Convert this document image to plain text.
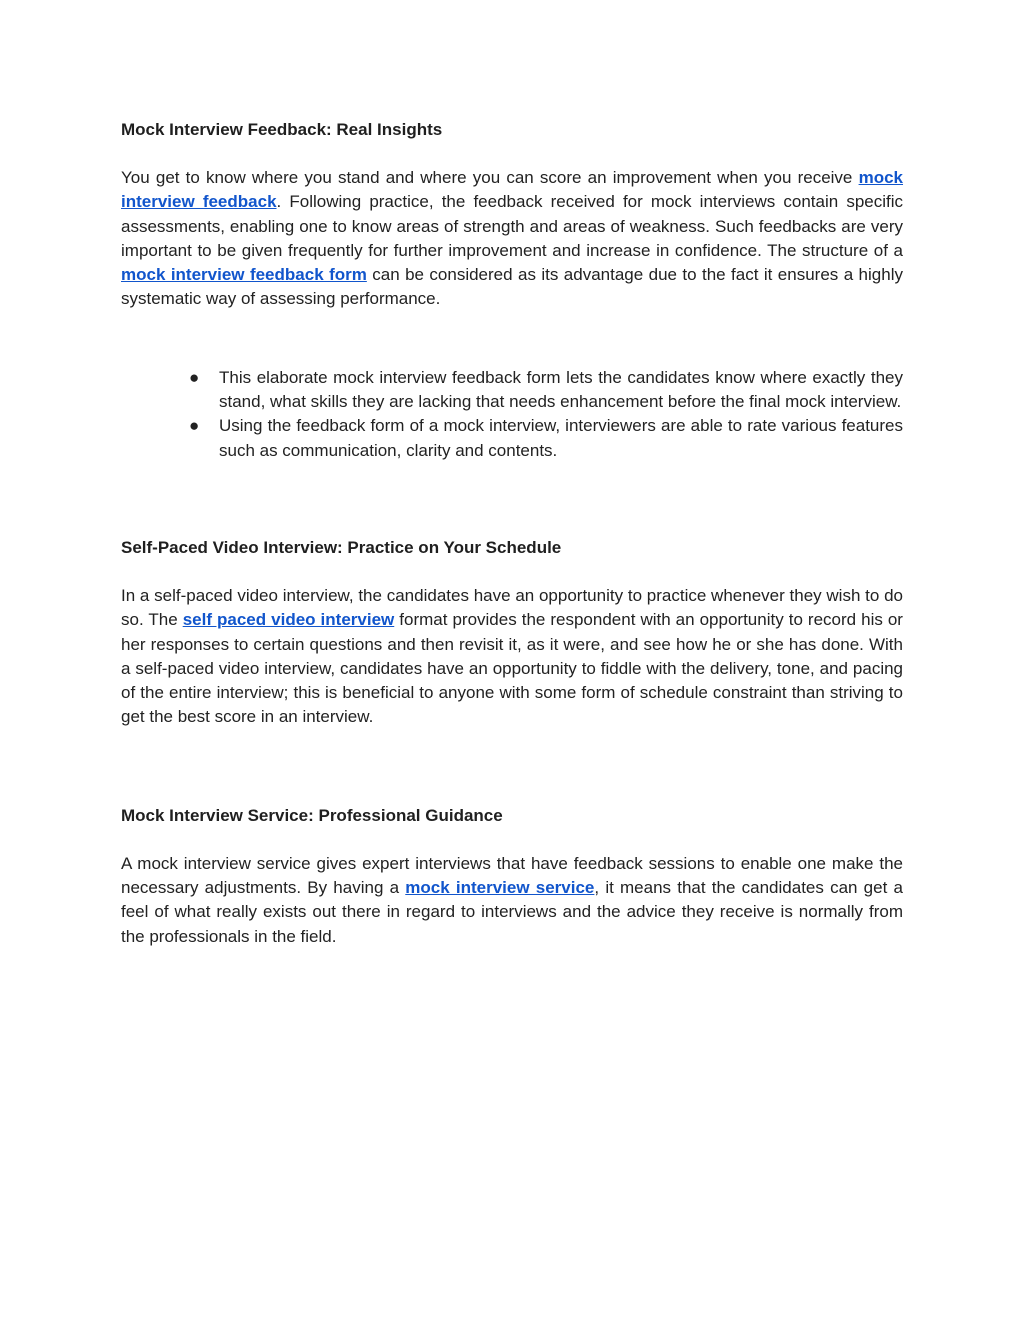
Mock Interview Feedback: Real Insights

You get to know where you stand and where you can score an improvement when you receive mock interview feedback. Following practice, the feedback received for mock interviews contain specific assessments, enabling one to know areas of strength and areas of weakness. Such feedbacks are very important to be given frequently for further improvement and increase in confidence. The structure of a mock interview feedback form can be considered as its advantage due to the fact it ensures a highly systematic way of assessing performance.

● This elaborate mock interview feedback form lets the candidates know where exactly they stand, what skills they are lacking that needs enhancement before the final mock interview.
● Using the feedback form of a mock interview, interviewers are able to rate various features such as communication, clarity and contents.
Self-Paced Video Interview: Practice on Your Schedule

In a self-paced video interview, the candidates have an opportunity to practice whenever they wish to do so. The self paced video interview format provides the respondent with an opportunity to record his or her responses to certain questions and then revisit it, as it were, and see how he or she has done. With a self-paced video interview, candidates have an opportunity to fiddle with the delivery, tone, and pacing of the entire interview; this is beneficial to anyone with some form of schedule constraint than striving to get the best score in an interview.

Mock Interview Service: Professional Guidance

A mock interview service gives expert interviews that have feedback sessions to enable one make the necessary adjustments. By having a mock interview service, it means that the candidates can get a feel of what really exists out there in regard to interviews and the advice they receive is normally from the professionals in the field.
